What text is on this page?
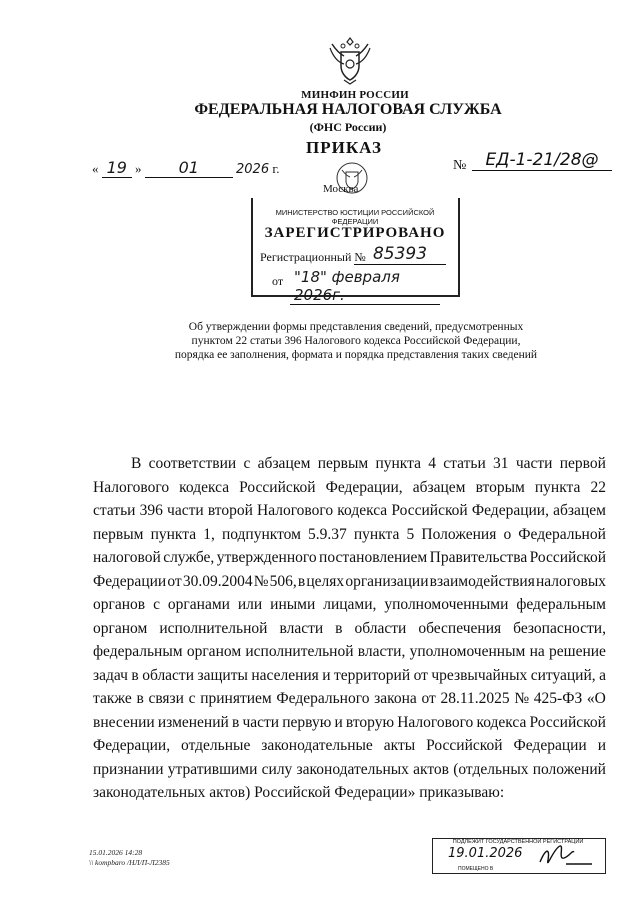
МИНФИН РОССИИ
ФЕДЕРАЛЬНАЯ НАЛОГОВАЯ СЛУЖБА
(ФНС России)
ПРИКАЗ
« 19 » 01	2026 г.	№	ЕД-1-21/28@
Москва
МИНИСТЕРСТВО ЮСТИЦИИ РОССИЙСКОЙ ФЕДЕРАЦИИ
ЗАРЕГИСТРИРОВАНО
Регистрационный № 85393
от "18" февраля 2026г.
Об утверждении формы представления сведений, предусмотренных
пунктом 22 статьи 396 Налогового кодекса Российской Федерации,
порядка ее заполнения, формата и порядка представления таких сведений
В соответствии с абзацем первым пункта 4 статьи 31 части первой
Налогового кодекса Российской Федерации, абзацем вторым пункта 22
статьи 396 части второй Налогового кодекса Российской Федерации, абзацем
первым пункта 1, подпунктом 5.9.37 пункта 5 Положения о Федеральной
налоговой службе, утвержденного постановлением Правительства Российской
Федерации от 30.09.2004 № 506, в целях организации взаимодействия налоговых
органов с органами или иными лицами, уполномоченными федеральным
органом исполнительной власти в области обеспечения безопасности,
федеральным органом исполнительной власти, уполномоченным на решение
задач в области защиты населения и территорий от чрезвычайных ситуаций, а
также в связи с принятием Федерального закона от 28.11.2025 № 425-ФЗ «О
внесении изменений в части первую и вторую Налогового кодекса Российской
Федерации, отдельные законодательные акты Российской Федерации и
признании утратившими силу законодательных актов (отдельных положений
законодательных актов) Российской Федерации» приказываю:
15.01.2026 14:28
\\ kompbaro /НЛ/П-Л2385
ПОДЛЕЖИТ ГОСУДАРСТВЕННОЙ РЕГИСТРАЦИИ
19.01.2026
ПОМЕЩЕНО В
